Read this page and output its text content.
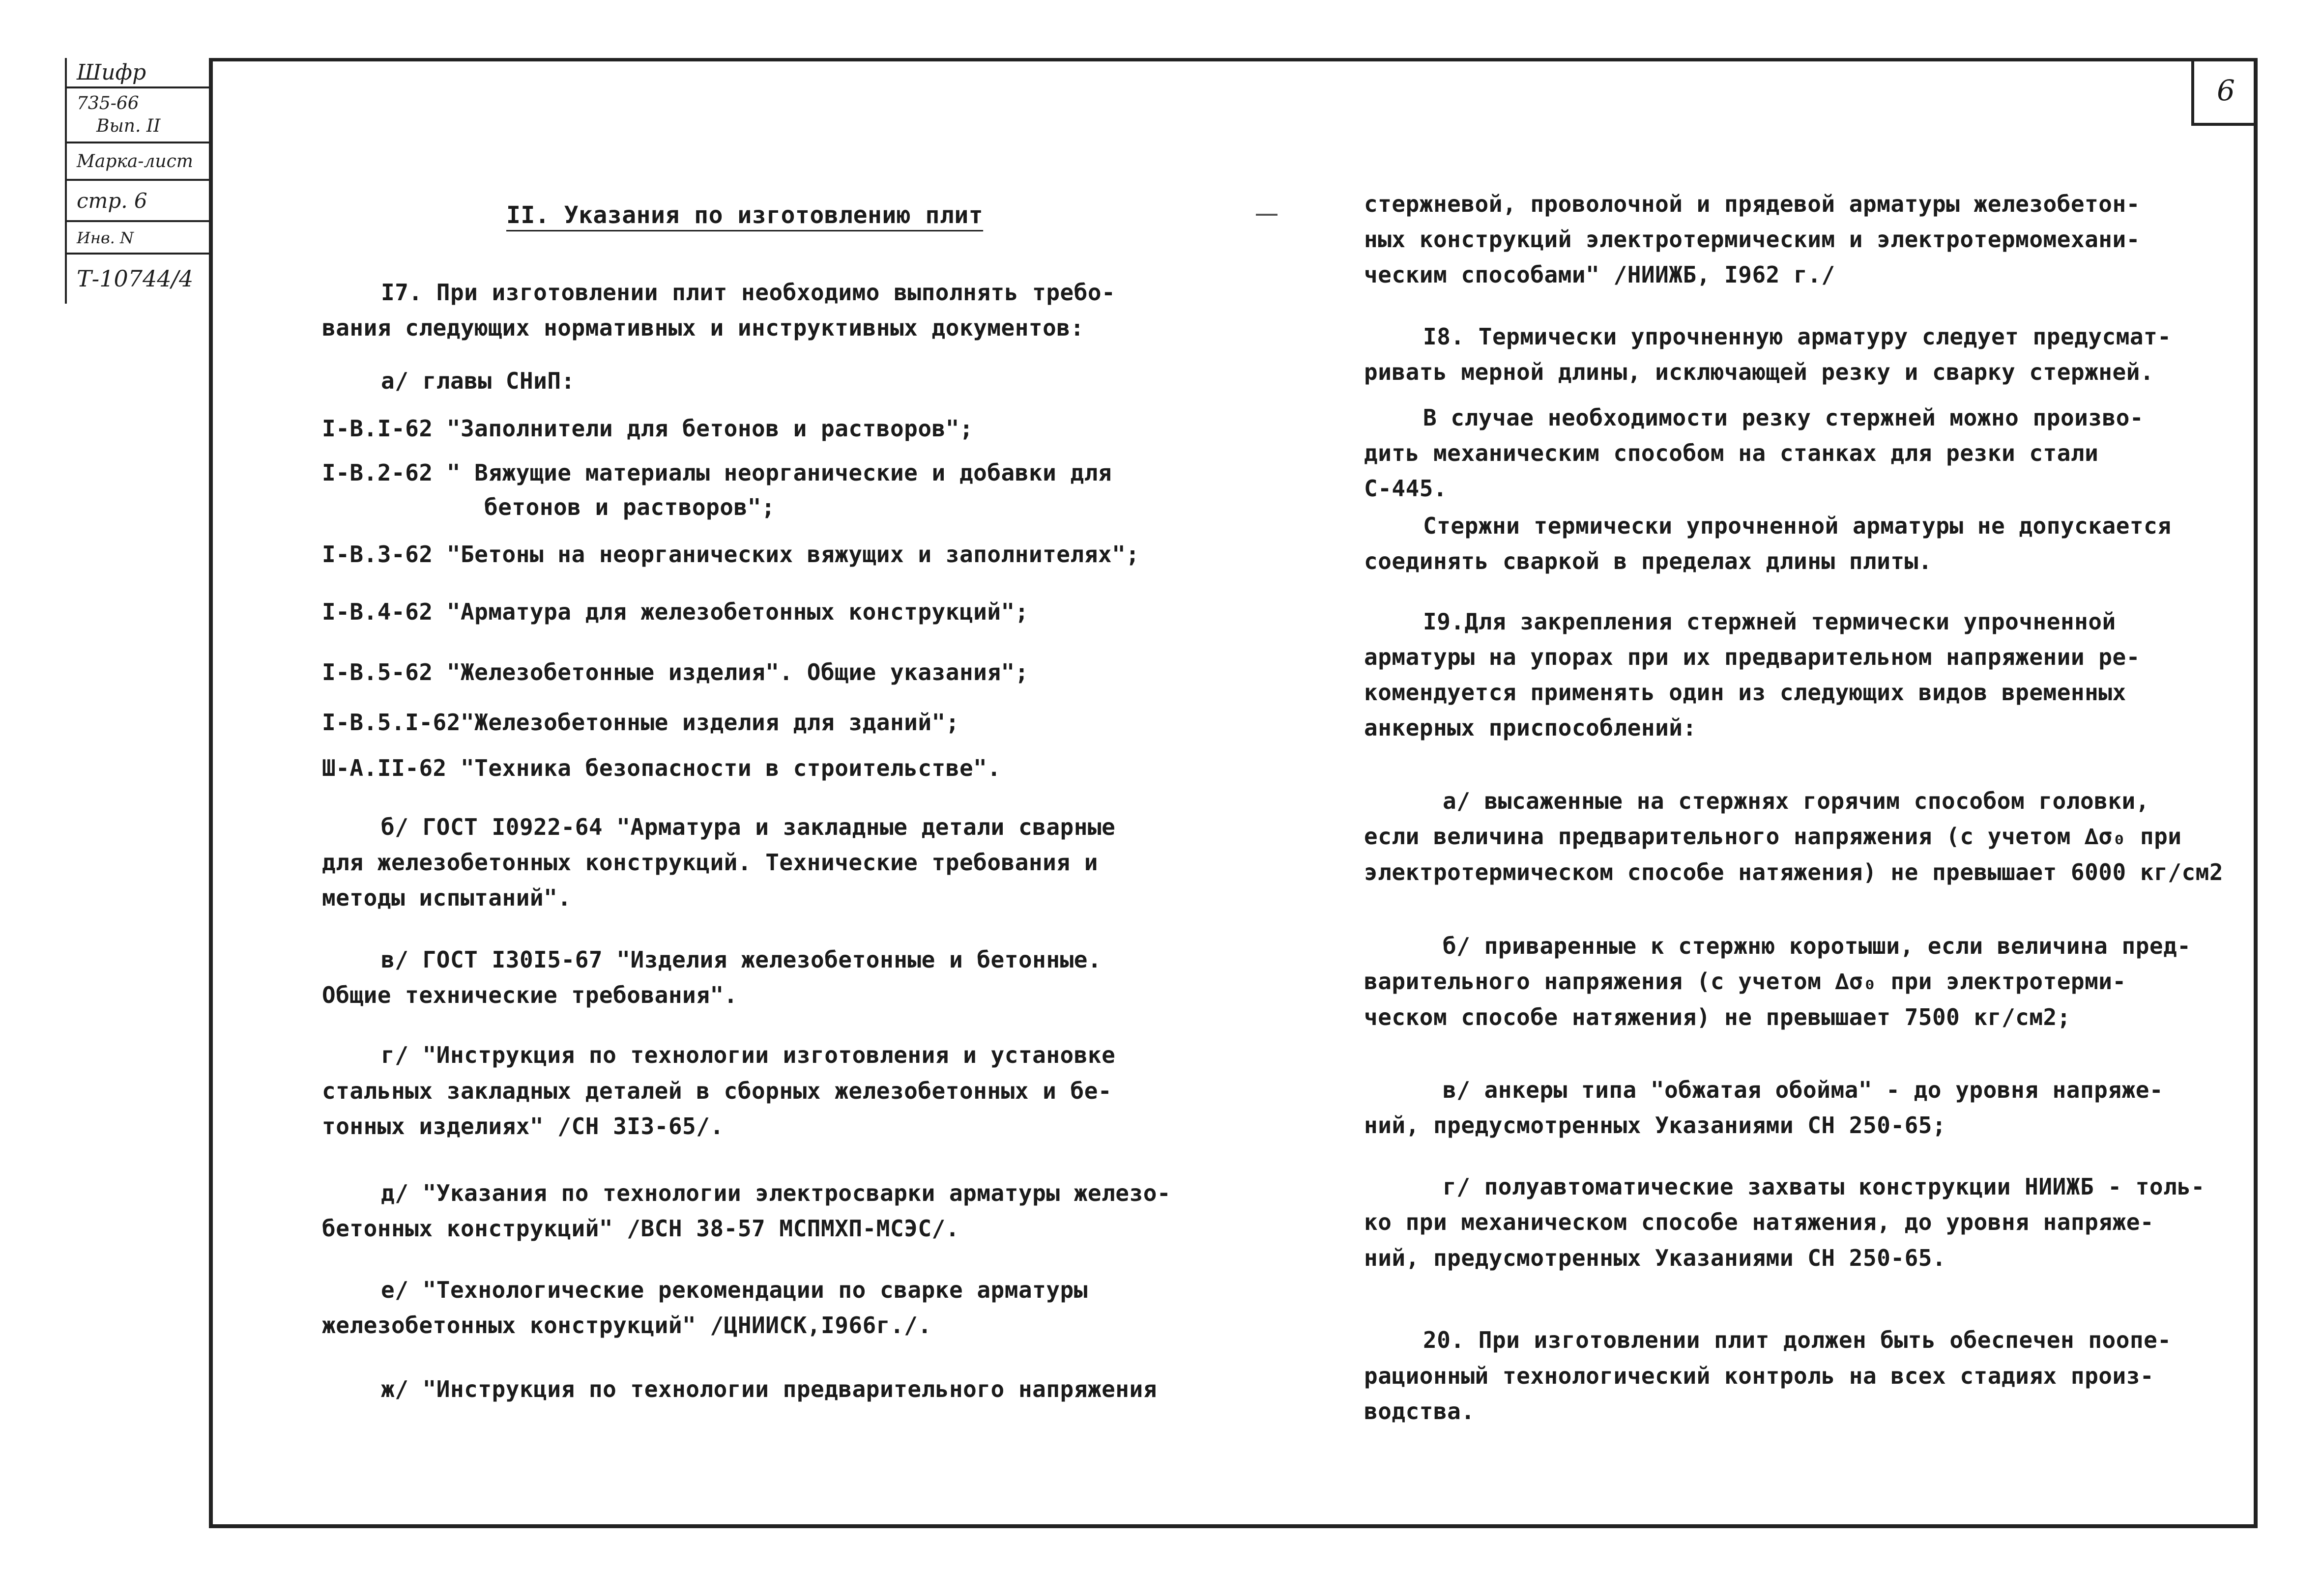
Шифр
735-66
Вып. II
Марка-лист
стр. 6
Инв. N
Т-10744/4
6
II. Указания по изготовлению плит
I7. При изготовлении плит необходимо выполнять требо-
вания следующих нормативных и инструктивных документов:
а/ главы СНиП:
I-В.I-62 "Заполнители для бетонов и растворов";
I-В.2-62 " Вяжущие материалы неорганические и добавки для
бетонов и растворов";
I-В.3-62 "Бетоны на неорганических вяжущих и заполнителях";
I-В.4-62 "Арматура для железобетонных конструкций";
I-В.5-62 "Железобетонные изделия". Общие указания";
I-В.5.I-62"Железобетонные изделия для зданий";
Ш-А.II-62 "Техника безопасности в строительстве".
б/ ГОСТ I0922-64 "Арматура и закладные детали сварные
для железобетонных конструкций. Технические требования и
методы испытаний".
в/ ГОСТ I30I5-67 "Изделия железобетонные и бетонные.
Общие технические требования".
г/ "Инструкция по технологии изготовления и установке
стальных закладных деталей в сборных железобетонных и бе-
тонных изделиях" /СН 3I3-65/.
д/ "Указания по технологии электросварки арматуры железо-
бетонных конструкций" /ВСН 38-57 МСПМХП-МСЭС/.
е/ "Технологические рекомендации по сварке арматуры
железобетонных конструкций" /ЦНИИСК,I966г./.
ж/ "Инструкция по технологии предварительного напряжения
стержневой, проволочной и прядевой арматуры железобетон-
ных конструкций электротермическим и электротермомехани-
ческим способами" /НИИЖБ, I962 г./
I8. Термически упрочненную арматуру следует предусмат-
ривать мерной длины, исключающей резку и сварку стержней.
В случае необходимости резку стержней можно произво-
дить механическим способом на станках для резки стали
С-445.
Стержни термически упрочненной арматуры не допускается
соединять сваркой в пределах длины плиты.
I9.Для закрепления стержней термически упрочненной
арматуры на упорах при их предварительном напряжении ре-
комендуется применять один из следующих видов временных
анкерных приспособлений:
а/ высаженные на стержнях горячим способом головки,
если величина предварительного напряжения (с учетом ∆σ₀ при
электротермическом способе натяжения) не превышает 6000 кг/см2
б/ приваренные к стержню коротыши, если величина пред-
варительного напряжения (с учетом ∆σ₀ при электротерми-
ческом способе натяжения) не превышает 7500 кг/см2;
в/ анкеры типа "обжатая обойма" - до уровня напряже-
ний, предусмотренных Указаниями СН 250-65;
г/ полуавтоматические захваты конструкции НИИЖБ - толь-
ко при механическом способе натяжения, до уровня напряже-
ний, предусмотренных Указаниями СН 250-65.
20. При изготовлении плит должен быть обеспечен поопе-
рационный технологический контроль на всех стадиях произ-
водства.
